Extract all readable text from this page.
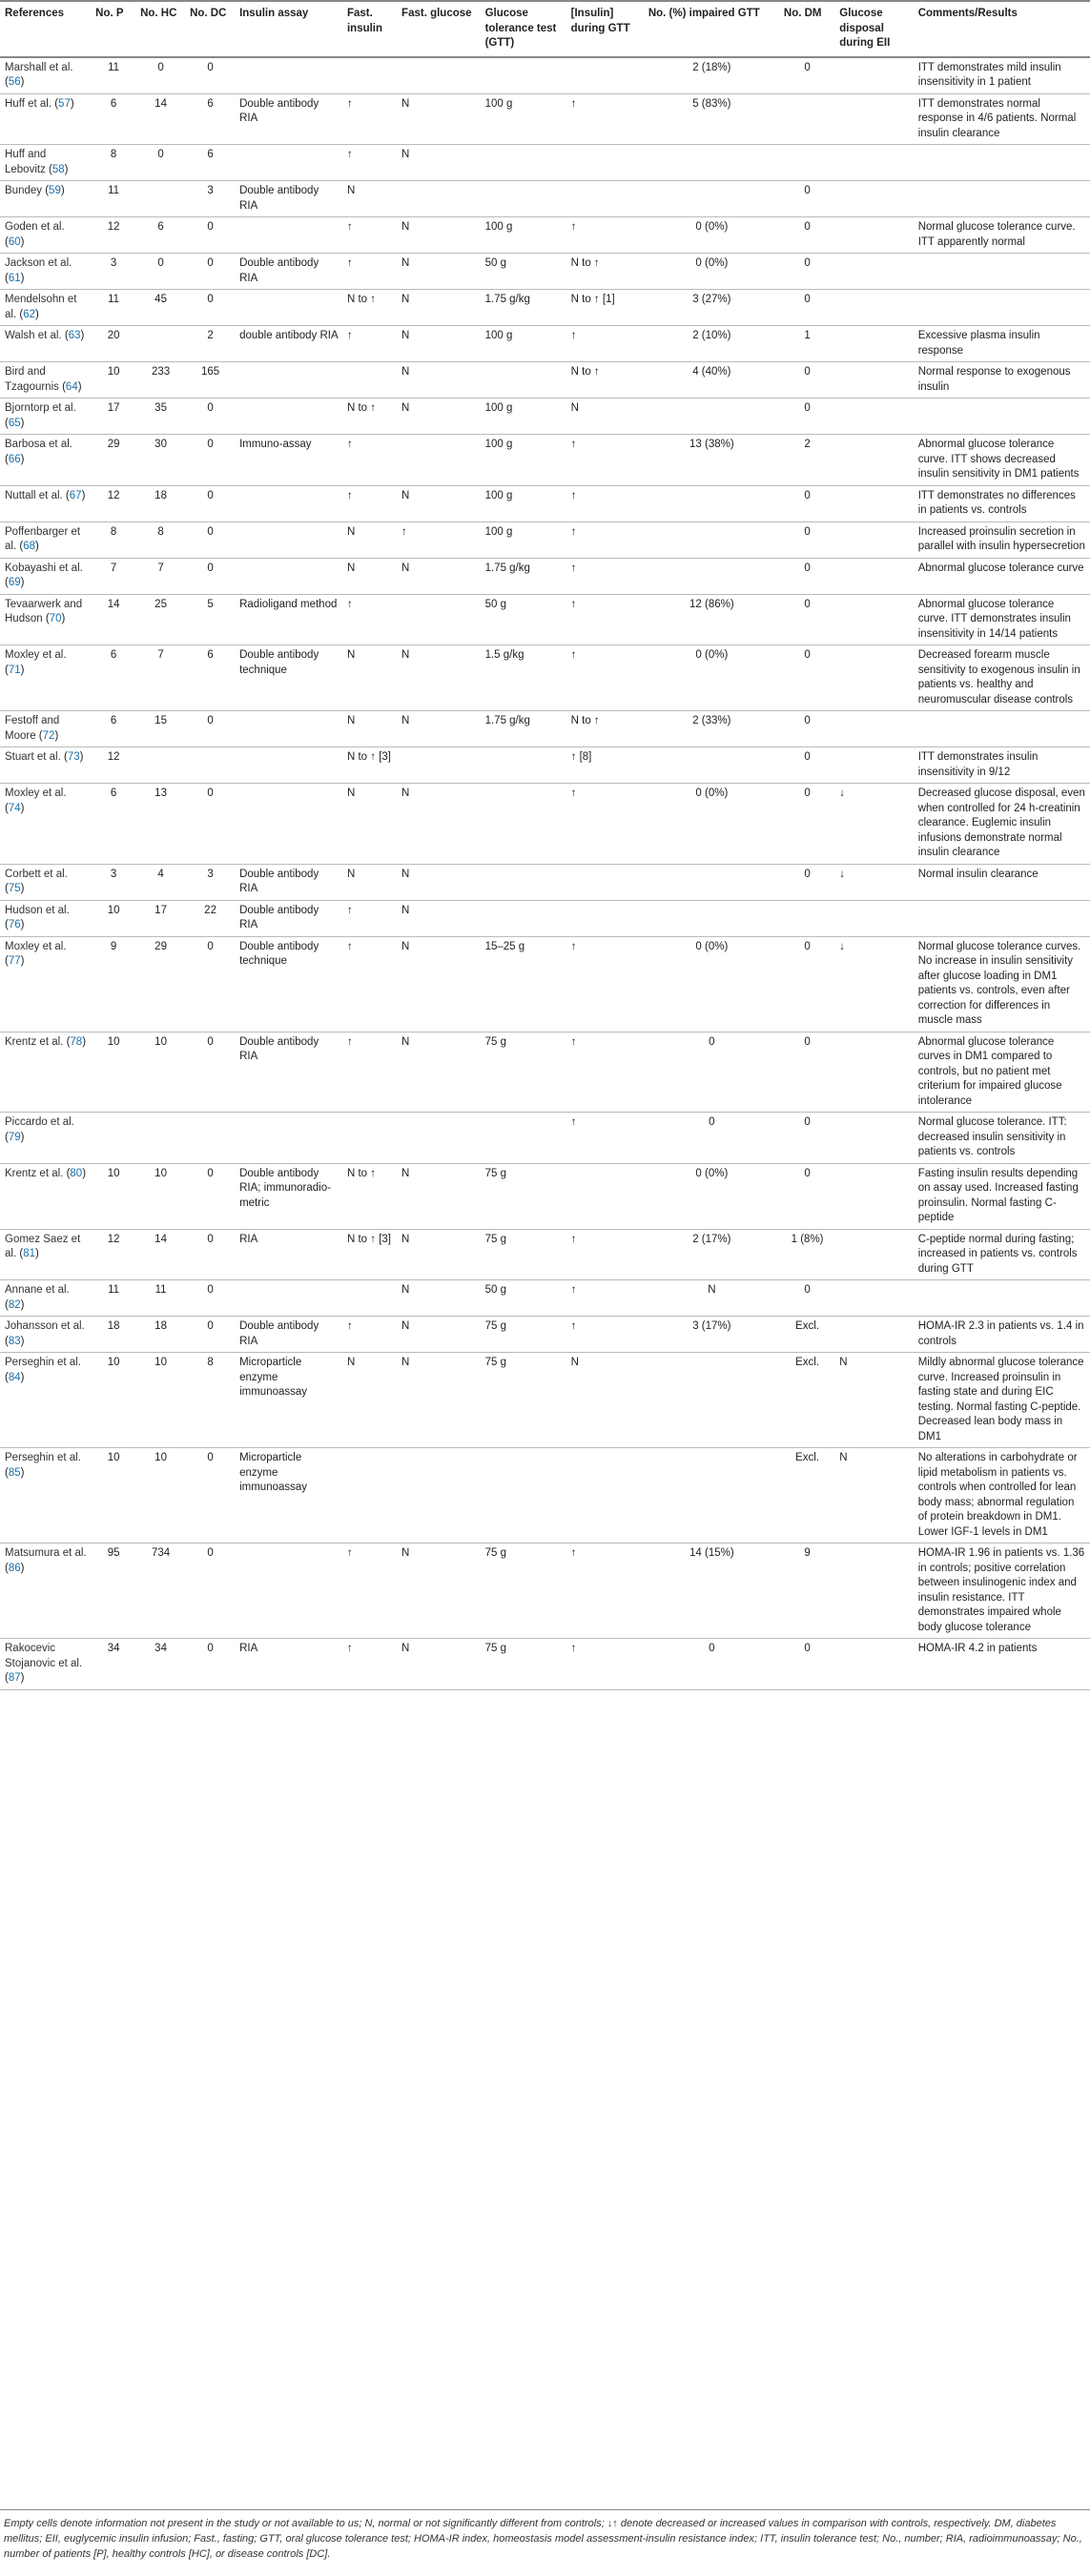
References	No. P	No. HC	No. DC	Insulin assay	Fast. insulin	Fast. glucose	Glucose tolerance test (GTT)	[Insulin] during GTT	No. (%) impaired GTT	No. DM	Glucose disposal during EII	Comments/Results
Marshall et al. (56)	11	0	0						2 (18%)	0		ITT demonstrates mild insulin insensitivity in 1 patient
Huff et al. (57)	6	14	6	Double antibody RIA	↑	N	100 g	↑	5 (83%)			ITT demonstrates normal response in 4/6 patients. Normal insulin clearance
Huff and Lebovitz (58)	8	0	6		↑	N						
Bundey (59)	11		3	Double antibody RIA	N					0		
Goden et al. (60)	12	6	0		↑	N	100 g	↑	0 (0%)	0		Normal glucose tolerance curve. ITT apparently normal
Jackson et al. (61)	3	0	0	Double antibody RIA	↑	N	50 g	N to ↑	0 (0%)	0		
Mendelsohn et al. (62)	11	45	0		N to ↑	N	1.75 g/kg	N to ↑ [1]	3 (27%)	0		
Walsh et al. (63)	20		2	double antibody RIA	↑	N	100 g	↑	2 (10%)	1		Excessive plasma insulin response
Bird and Tzagournis (64)	10	233	165			N		N to ↑	4 (40%)	0		Normal response to exogenous insulin
Bjorntorp et al. (65)	17	35	0		N to ↑	N	100 g	N		0		
Barbosa et al. (66)	29	30	0	Immuno-assay	↑		100 g	↑	13 (38%)	2		Abnormal glucose tolerance curve. ITT shows decreased insulin sensitivity in DM1 patients
Nuttall et al. (67)	12	18	0		↑	N	100 g	↑		0		ITT demonstrates no differences in patients vs. controls
Poffenbarger et al. (68)	8	8	0		N	↑	100 g	↑		0		Increased proinsulin secretion in parallel with insulin hypersecretion
Kobayashi et al. (69)	7	7	0		N	N	1.75 g/kg	↑		0		Abnormal glucose tolerance curve
Tevaarwerk and Hudson (70)	14	25	5	Radioligand method	↑		50 g	↑	12 (86%)	0		Abnormal glucose tolerance curve. ITT demonstrates insulin insensitivity in 14/14 patients
Moxley et al. (71)	6	7	6	Double antibody technique	N	N	1.5 g/kg	↑	0 (0%)	0		Decreased forearm muscle sensitivity to exogenous insulin in patients vs. healthy and neuromuscular disease controls
Festoff and Moore (72)	6	15	0		N	N	1.75 g/kg	N to ↑	2 (33%)	0		
Stuart et al. (73)	12				N to ↑ [3]			↑ [8]		0		ITT demonstrates insulin insensitivity in 9/12
Moxley et al. (74)	6	13	0		N	N		↑	0 (0%)	0	↓	Decreased glucose disposal, even when controlled for 24 h-creatinin clearance. Euglemic insulin infusions demonstrate normal insulin clearance
Corbett et al. (75)	3	4	3	Double antibody RIA	N	N				0	↓	Normal insulin clearance
Hudson et al. (76)	10	17	22	Double antibody RIA	↑	N						
Moxley et al. (77)	9	29	0	Double antibody technique	↑	N	15–25 g	↑	0 (0%)	0	↓	Normal glucose tolerance curves. No increase in insulin sensitivity after glucose loading in DM1 patients vs. controls, even after correction for differences in muscle mass
Krentz et al. (78)	10	10	0	Double antibody RIA	↑	N	75 g	↑	0	0		Abnormal glucose tolerance curves in DM1 compared to controls, but no patient met criterium for impaired glucose intolerance
Piccardo et al. (79)								↑	0	0		Normal glucose tolerance. ITT: decreased insulin sensitivity in patients vs. controls
Krentz et al. (80)	10	10	0	Double antibody RIA; immunoradio-metric	N to ↑	N	75 g		0 (0%)	0		Fasting insulin results depending on assay used. Increased fasting proinsulin. Normal fasting C-peptide
Gomez Saez et al. (81)	12	14	0	RIA	N to ↑ [3]	N	75 g	↑	2 (17%)	1 (8%)		C-peptide normal during fasting; increased in patients vs. controls during GTT
Annane et al. (82)	11	11	0			N	50 g	↑	N	0		
Johansson et al. (83)	18	18	0	Double antibody RIA	↑	N	75 g	↑	3 (17%)	Excl.		HOMA-IR 2.3 in patients vs. 1.4 in controls
Perseghin et al. (84)	10	10	8	Microparticle enzyme immunoassay	N	N	75 g	N		Excl.	N	Mildly abnormal glucose tolerance curve. Increased proinsulin in fasting state and during EIC testing. Normal fasting C-peptide. Decreased lean body mass in DM1
Perseghin et al. (85)	10	10	0	Microparticle enzyme immunoassay						Excl.	N	No alterations in carbohydrate or lipid metabolism in patients vs. controls when controlled for lean body mass; abnormal regulation of protein breakdown in DM1. Lower IGF-1 levels in DM1
Matsumura et al. (86)	95	734	0		↑	N	75 g	↑	14 (15%)	9		HOMA-IR 1.96 in patients vs. 1.36 in controls; positive correlation between insulinogenic index and insulin resistance. ITT demonstrates impaired whole body glucose tolerance
Rakocevic Stojanovic et al. (87)	34	34	0	RIA	↑	N	75 g	↑	0	0		HOMA-IR 4.2 in patients
Empty cells denote information not present in the study or not available to us; N, normal or not significantly different from controls; ↓↑ denote decreased or increased values in comparison with controls, respectively. DM, diabetes mellitus; EII, euglycemic insulin infusion; Fast., fasting; GTT, oral glucose tolerance test; HOMA-IR index, homeostasis model assessment-insulin resistance index; ITT, insulin tolerance test; No., number; RIA, radioimmunoassay; No., number of patients [P], healthy controls [HC], or disease controls [DC].
